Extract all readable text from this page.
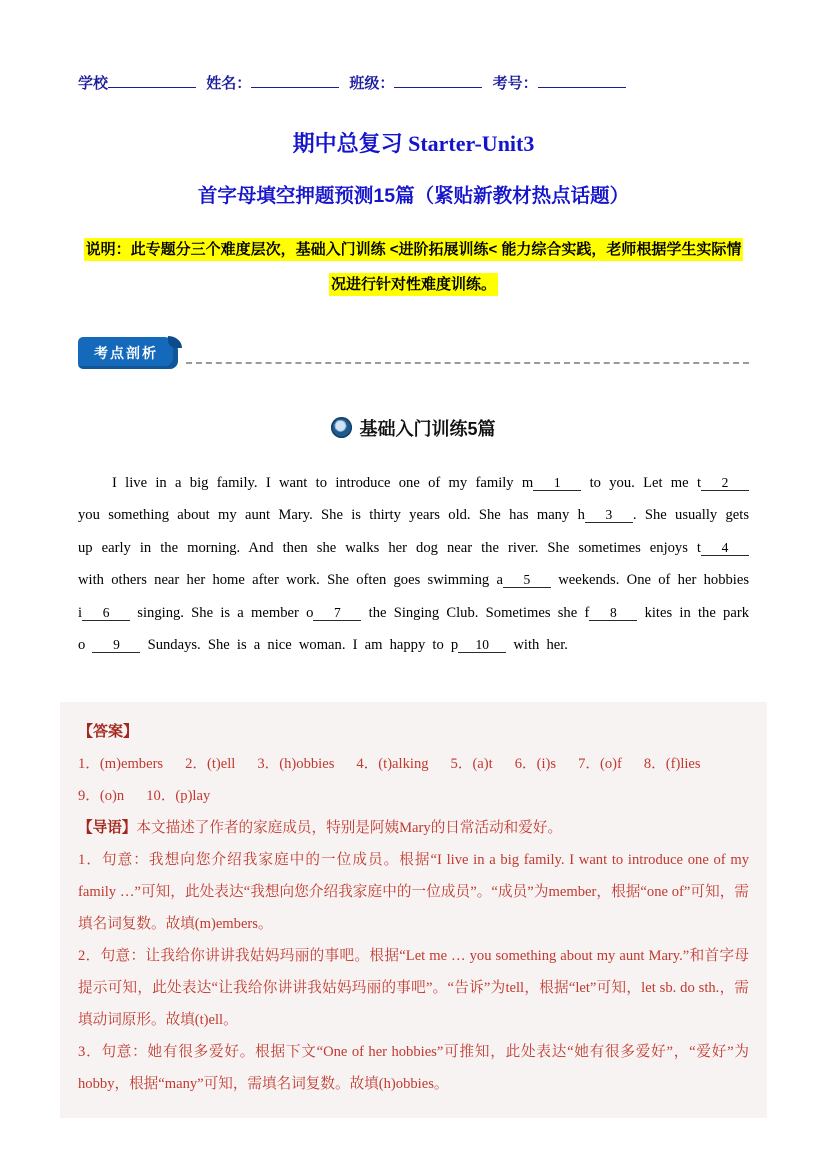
学校	姓名：	班级：	考号：
期中总复习 Starter-Unit3
首字母填空押题预测15篇（紧贴新教材热点话题）
说明：此专题分三个难度层次，基础入门训练 <进阶拓展训练< 能力综合实践，老师根据学生实际情
况进行针对性难度训练。
考点剖析
基础入门训练5篇

I live in a big family. I want to introduce one of my family m 1 to you. Let me t 2 you something about my aunt Mary. She is thirty years old. She has many h 3 . She usually gets up early in the morning. And then she walks her dog near the river. She sometimes enjoys t 4 with others near her home after work. She often goes swimming a 5 weekends. One of her hobbies i 6 singing. She is a member o 7 the Singing Club. Sometimes she f 8 kites in the park o 9 Sundays. She is a nice woman. I am happy to p 10 with her.

【答案】
1．(m)embers 2．(t)ell 3．(h)obbies 4．(t)alking 5．(a)t 6．(i)s 7．(o)f 8．(f)lies9．(o)n 10．(p)lay

【导语】本文描述了作者的家庭成员，特别是阿姨Mary的日常活动和爱好。

1．句意：我想向您介绍我家庭中的一位成员。根据“I live in a big family. I want to introduce one of my family …”可知，此处表达“我想向您介绍我家庭中的一位成员”。“成员”为member，根据“one of”可知，需填名词复数。故填(m)embers。

2．句意：让我给你讲讲我姑妈玛丽的事吧。根据“Let me … you something about my aunt Mary.”和首字母提示可知，此处表达“让我给你讲讲我姑妈玛丽的事吧”。“告诉”为tell，根据“let”可知，let sb. do sth.，需填动词原形。故填(t)ell。

3．句意：她有很多爱好。根据下文“One of her hobbies”可推知，此处表达“她有很多爱好”，“爱好”为hobby，根据“many”可知，需填名词复数。故填(h)obbies。
